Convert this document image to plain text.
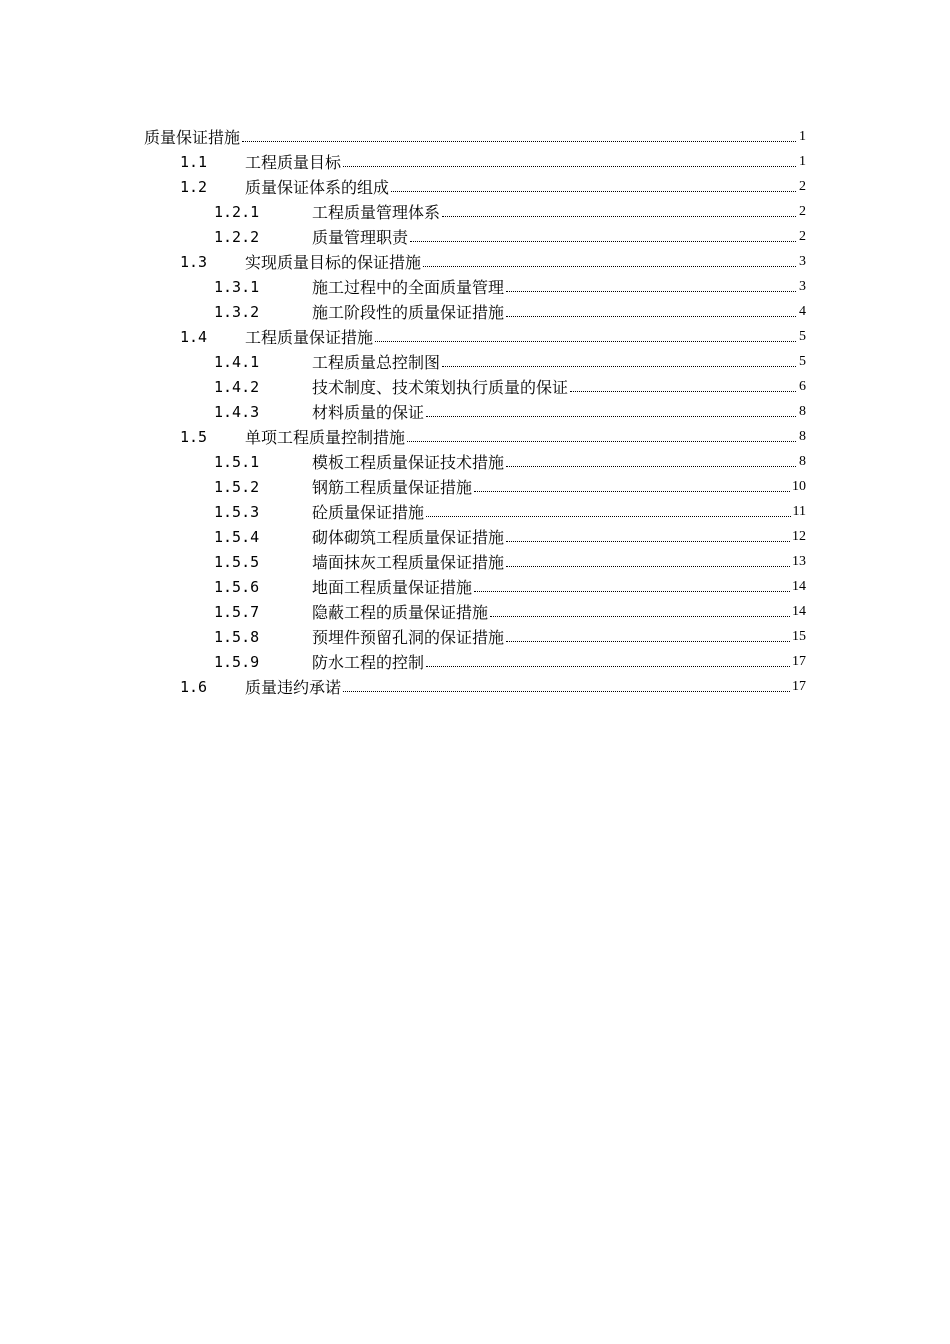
质量保证措施	1
1.1	工程质量目标	1
1.2	质量保证体系的组成	2
1.2.1	工程质量管理体系	2
1.2.2	质量管理职责	2
1.3	实现质量目标的保证措施	3
1.3.1	施工过程中的全面质量管理	3
1.3.2	施工阶段性的质量保证措施	4
1.4	工程质量保证措施	5
1.4.1	工程质量总控制图	5
1.4.2	技术制度、技术策划执行质量的保证	6
1.4.3	材料质量的保证	8
1.5	单项工程质量控制措施	8
1.5.1	模板工程质量保证技术措施	8
1.5.2	钢筋工程质量保证措施	10
1.5.3	砼质量保证措施	11
1.5.4	砌体砌筑工程质量保证措施	12
1.5.5	墙面抹灰工程质量保证措施	13
1.5.6	地面工程质量保证措施	14
1.5.7	隐蔽工程的质量保证措施	14
1.5.8	预埋件预留孔洞的保证措施	15
1.5.9	防水工程的控制	17
1.6	质量违约承诺	17
